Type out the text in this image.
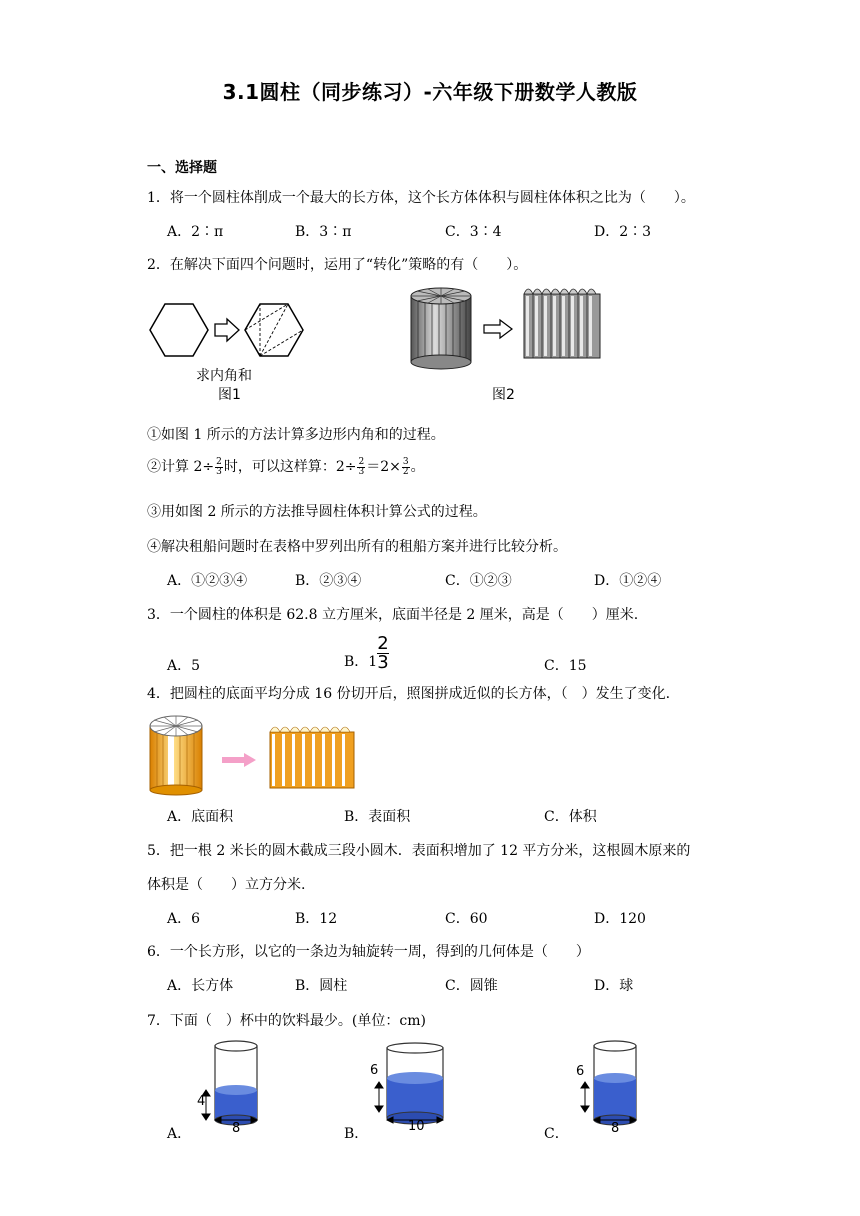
3.1圆柱（同步练习）-六年级下册数学人教版
一、选择题
1．将一个圆柱体削成一个最大的长方体，这个长方体体积与圆柱体体积之比为（　　）。
A．2∶π	B．3∶π	C．3∶4	D．2∶3
2．在解决下面四个问题时，运用了“转化”策略的有（　　）。
求内角和
图1	图2
①如图 1 所示的方法计算多边形内角和的过程。
②计算 $2\div \frac{2}{3}$ 时，可以这样算：$2\div \frac{2}{3} =2\times \frac{3}{2}$ 。
③用如图 2 所示的方法推导圆柱体积计算公式的过程。
④解决租船问题时在表格中罗列出所有的租船方案并进行比较分析。
A．①②③④	B．②③④	C．①②③	D．①②④
3．一个圆柱的体积是 62.8 立方厘米，底面半径是 2 厘米，高是（　　）厘米.
A．5	B．$1 \frac{2}{3}$	C．15
4．把圆柱的底面平均分成 16 份切开后，照图拼成近似的长方体，（　）发生了变化.
A．底面积	B．表面积	C．体积
5．把一根 2 米长的圆木截成三段小圆木．表面积增加了 12 平方分米，这根圆木原来的
体积是（　　）立方分米.
A．6	B．12	C．60	D．120
6．一个长方形，以它的一条边为轴旋转一周，得到的几何体是（　　）
A．长方体	B．圆柱	C．圆锥	D．球
7．下面（　）杯中的饮料最少。(单位：cm)
A．
4
8	B．
6
10	C．
6
8
